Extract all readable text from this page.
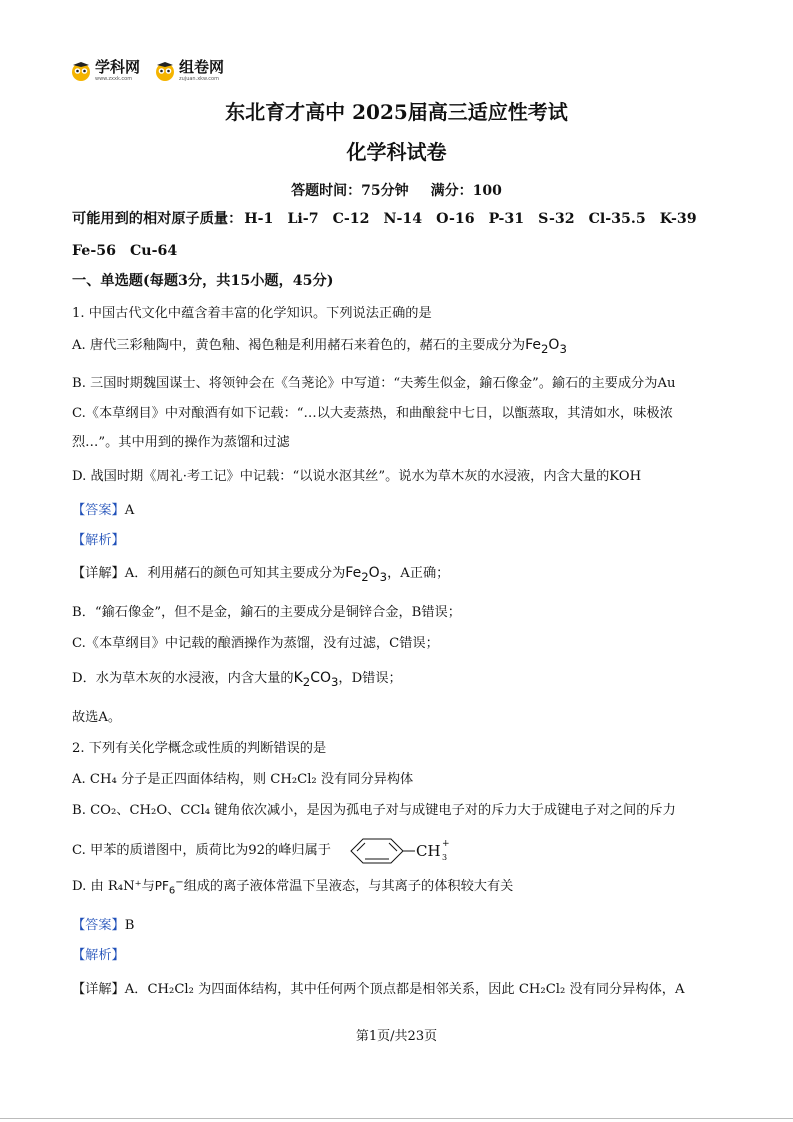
学科网
www.zxxk.com
组卷网
zujuan.xkw.com
东北育才高中 2025届高三适应性考试
化学科试卷
答题时间：75分钟 满分：100
可能用到的相对原子质量： H-1 Li-7 C-12 N-14 O-16 P-31 S-32 Cl-35.5 K-39
Fe-56 Cu-64
一、单选题(每题3分，共15小题，45分)
1. 中国古代文化中蕴含着丰富的化学知识。下列说法正确的是
A. 唐代三彩釉陶中，黄色釉、褐色釉是利用赭石来着色的，赭石的主要成分为$Fe_2O_3$
B. 三国时期魏国谋士、将领钟会在《刍荛论》中写道：“夫莠生似金，鍮石像金”。鍮石的主要成分为Au
C.《本草纲目》中对酿酒有如下记载：“…以大麦蒸热，和曲酿瓮中七日，以甑蒸取，其清如水，味极浓
烈…”。其中用到的操作为蒸馏和过滤
D. 战国时期《周礼·考工记》中记载：“以说水沤其丝”。说水为草木灰的水浸液，内含大量的KOH
【答案】A
【解析】
【详解】A．利用赭石的颜色可知其主要成分为$Fe_2O_3$，A正确；
B．“鍮石像金”，但不是金，鍮石的主要成分是铜锌合金，B错误；
C.《本草纲目》中记载的酿酒操作为蒸馏，没有过滤，C错误；
D．水为草木灰的水浸液，内含大量的$K_2CO_3$，D错误；
故选A。
2. 下列有关化学概念或性质的判断错误的是
A. CH₄ 分子是正四面体结构，则 CH₂Cl₂ 没有同分异构体
B. CO₂、CH₂O、CCl₄ 键角依次减小，是因为孤电子对与成键电子对的斥力大于成键电子对之间的斥力
C. 甲苯的质谱图中，质荷比为92的峰归属于	CH 3
+
D. 由 R₄N⁺与$PF_6^-$组成的离子液体常温下呈液态，与其离子的体积较大有关
【答案】B
【解析】
【详解】A．CH₂Cl₂ 为四面体结构，其中任何两个顶点都是相邻关系，因此 CH₂Cl₂ 没有同分异构体，A
第1页/共23页
